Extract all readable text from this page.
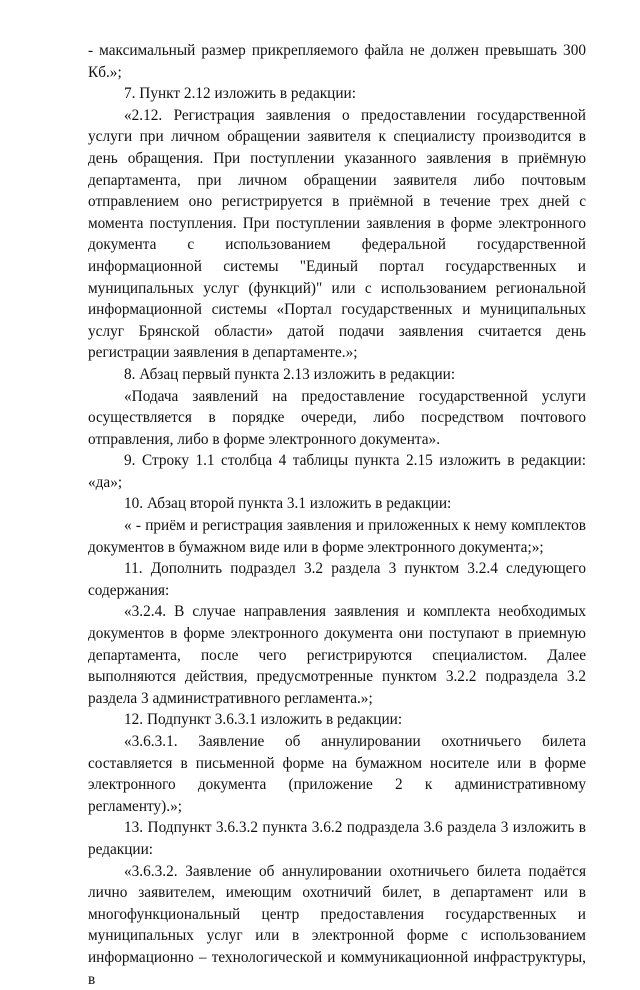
- максимальный размер прикрепляемого файла не должен превышать 300 Кб.»;

7. Пункт 2.12 изложить в редакции:

«2.12. Регистрация заявления о предоставлении государственной услуги при личном обращении заявителя к специалисту производится в день обращения. При поступлении указанного заявления в приёмную департамента, при личном обращении заявителя либо почтовым отправлением оно регистрируется в приёмной в течение трех дней с момента поступления. При поступлении заявления в форме электронного документа с использованием федеральной государственной информационной системы "Единый портал государственных и муниципальных услуг (функций)" или с использованием региональной информационной системы «Портал государственных и муниципальных услуг Брянской области» датой подачи заявления считается день регистрации заявления в департаменте.»;

8. Абзац первый пункта 2.13 изложить в редакции:

«Подача заявлений на предоставление государственной услуги осуществляется в порядке очереди, либо посредством почтового отправления, либо в форме электронного документа».

9. Строку 1.1 столбца 4 таблицы пункта 2.15 изложить в редакции: «да»;

10. Абзац второй пункта 3.1 изложить в редакции:

« - приём и регистрация заявления и приложенных к нему комплектов документов в бумажном виде или в форме электронного документа;»;

11. Дополнить подраздел 3.2 раздела 3 пунктом 3.2.4 следующего содержания:

«3.2.4. В случае направления заявления и комплекта необходимых документов в форме электронного документа они поступают в приемную департамента, после чего регистрируются специалистом. Далее выполняются действия, предусмотренные пунктом 3.2.2 подраздела 3.2 раздела 3 административного регламента.»;

12. Подпункт 3.6.3.1 изложить в редакции:

«3.6.3.1. Заявление об аннулировании охотничьего билета составляется в письменной форме на бумажном носителе или в форме электронного документа (приложение 2 к административному регламенту).»;

13. Подпункт 3.6.3.2 пункта 3.6.2 подраздела 3.6 раздела 3 изложить в редакции:

«3.6.3.2. Заявление об аннулировании охотничьего билета подаётся лично заявителем, имеющим охотничий билет, в департамент или в многофункциональный центр предоставления государственных и муниципальных услуг или в электронной форме с использованием информационно – технологической и коммуникационной инфраструктуры, в
